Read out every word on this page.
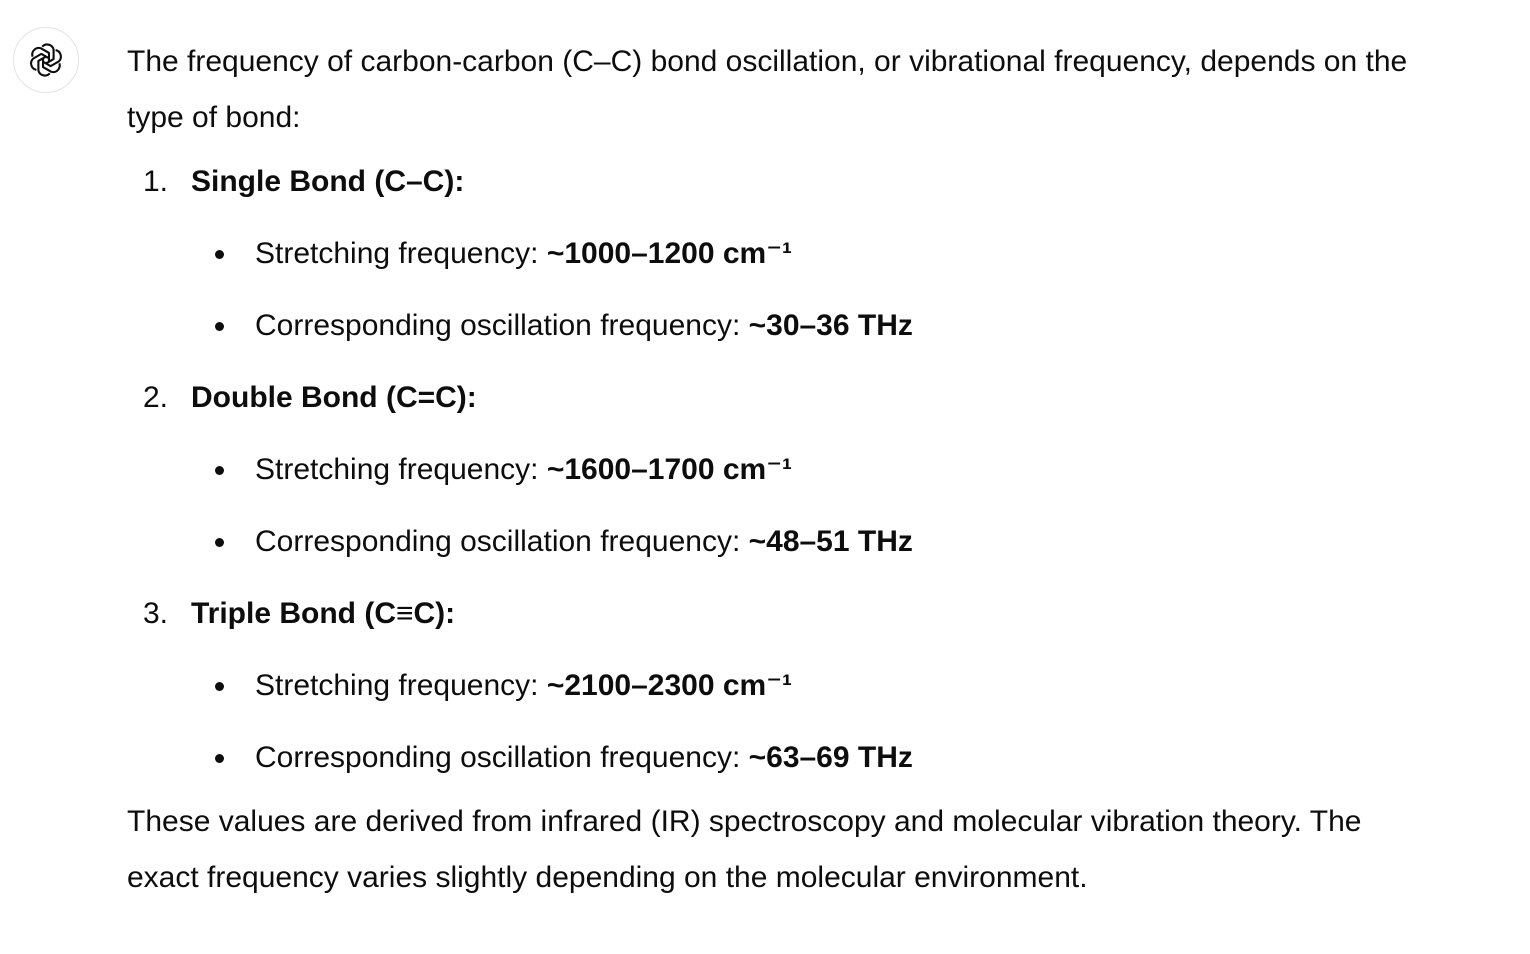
The frequency of carbon-carbon (C–C) bond oscillation, or vibrational frequency, depends on the
type of bond:

1. Single Bond (C–C):
Stretching frequency: ~1000–1200 cm⁻¹
Corresponding oscillation frequency: ~30–36 THz
2. Double Bond (C=C):
Stretching frequency: ~1600–1700 cm⁻¹
Corresponding oscillation frequency: ~48–51 THz
3. Triple Bond (C≡C):
Stretching frequency: ~2100–2300 cm⁻¹
Corresponding oscillation frequency: ~63–69 THz

These values are derived from infrared (IR) spectroscopy and molecular vibration theory. The
exact frequency varies slightly depending on the molecular environment.
